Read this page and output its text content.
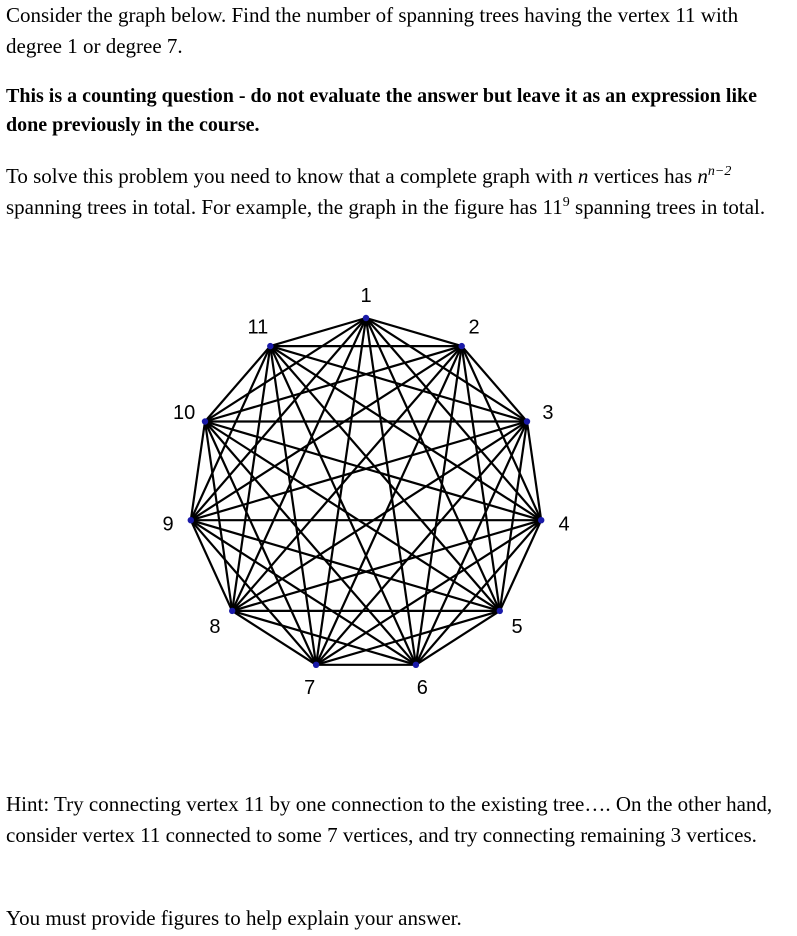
Consider the graph below. Find the number of spanning trees having the vertex 11 with degree 1 or degree 7.

This is a counting question - do not evaluate the answer but leave it as an expression like done previously in the course.

To solve this problem you need to know that a complete graph with n vertices has $n^{n-2}$ spanning trees in total. For example, the graph in the figure has $11^9$ spanning trees in total.

1
2
3
4
5
6
7
8
9
10
11

Hint: Try connecting vertex 11 by one connection to the existing tree…. On the other hand, consider vertex 11 connected to some 7 vertices, and try connecting remaining 3 vertices.

You must provide figures to help explain your answer.
